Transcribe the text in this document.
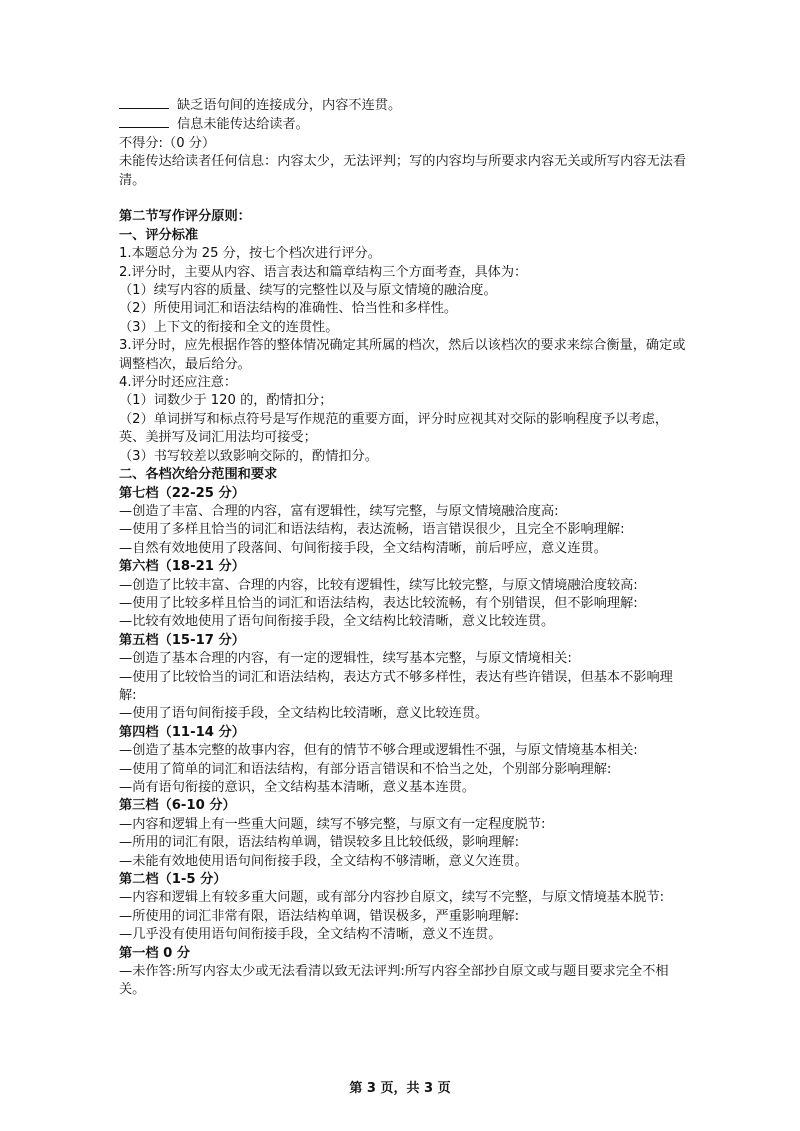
缺乏语句间的连接成分，内容不连贯。
信息未能传达给读者。
不得分:（0 分）
未能传达给读者任何信息：内容太少，无法评判；写的内容均与所要求内容无关或所写内容无法看清。
第二节写作评分原则：
一、评分标准
1.本题总分为 25 分，按七个档次进行评分。
2.评分时，主要从内容、语言表达和篇章结构三个方面考查，具体为：
（1）续写内容的质量、续写的完整性以及与原文情境的融洽度。
（2）所使用词汇和语法结构的准确性、恰当性和多样性。
（3）上下文的衔接和全文的连贯性。
3.评分时，应先根据作答的整体情况确定其所属的档次，然后以该档次的要求来综合衡量，确定或调整档次，最后给分。
4.评分时还应注意：
（1）词数少于 120 的，酌情扣分；
（2）单词拼写和标点符号是写作规范的重要方面，评分时应视其对交际的影响程度予以考虑，英、美拼写及词汇用法均可接受；
（3）书写较差以致影响交际的，酌情扣分。
二、各档次给分范围和要求
第七档（22-25 分）
—创造了丰富、合理的内容，富有逻辑性，续写完整，与原文情境融洽度高:
—使用了多样且恰当的词汇和语法结构，表达流畅，语言错误很少，且完全不影响理解:
—自然有效地使用了段落间、句间衔接手段，全文结构清晰，前后呼应，意义连贯。
第六档（18-21 分）
—创造了比较丰富、合理的内容，比较有逻辑性，续写比较完整，与原文情境融洽度较高:
—使用了比较多样且恰当的词汇和语法结构，表达比较流畅，有个别错误，但不影响理解:
—比较有效地使用了语句间衔接手段，全文结构比较清晰，意义比较连贯。
第五档（15-17 分）
—创造了基本合理的内容，有一定的逻辑性，续写基本完整，与原文情境相关:
—使用了比较恰当的词汇和语法结构，表达方式不够多样性，表达有些许错误，但基本不影响理解:
—使用了语句间衔接手段，全文结构比较清晰，意义比较连贯。
第四档（11-14 分）
—创造了基本完整的故事内容，但有的情节不够合理或逻辑性不强，与原文情境基本相关:
—使用了简单的词汇和语法结构，有部分语言错误和不恰当之处，个别部分影响理解:
—尚有语句衔接的意识，全文结构基本清晰，意义基本连贯。
第三档（6-10 分）
—内容和逻辑上有一些重大问题，续写不够完整，与原文有一定程度脱节:
—所用的词汇有限，语法结构单调，错误较多且比较低级，影响理解:
—未能有效地使用语句间衔接手段，全文结构不够清晰，意义欠连贯。
第二档（1-5 分）
—内容和逻辑上有较多重大问题，或有部分内容抄自原文，续写不完整，与原文情境基本脱节:
—所使用的词汇非常有限，语法结构单调，错误极多，严重影响理解:
—几乎没有使用语句间衔接手段，全文结构不清晰，意义不连贯。
第一档 0 分
—未作答:所写内容太少或无法看清以致无法评判:所写内容全部抄自原文或与题目要求完全不相关。
第 3 页，共 3 页
